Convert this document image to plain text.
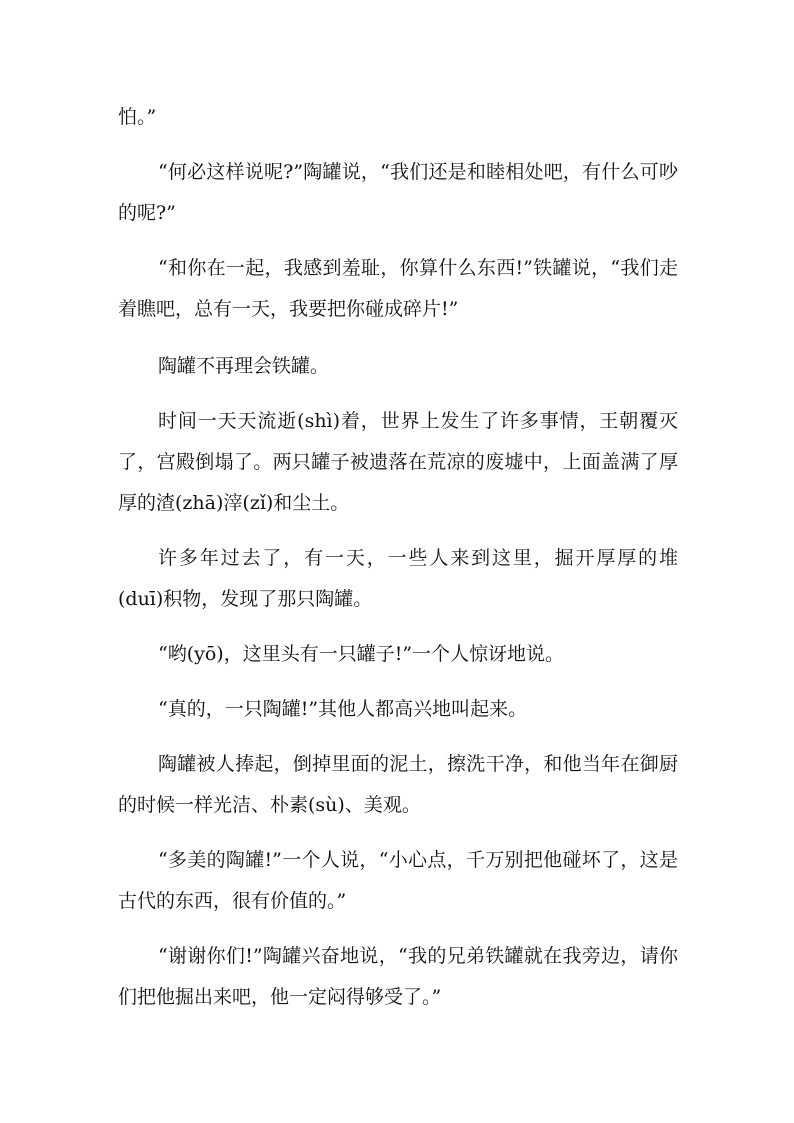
怕。”

“何必这样说呢?”陶罐说，“我们还是和睦相处吧，有什么可吵的呢?”

“和你在一起，我感到羞耻，你算什么东西!”铁罐说，“我们走着瞧吧，总有一天，我要把你碰成碎片!”

陶罐不再理会铁罐。

时间一天天流逝(shì)着，世界上发生了许多事情，王朝覆灭了，宫殿倒塌了。两只罐子被遗落在荒凉的废墟中，上面盖满了厚厚的渣(zhā)滓(zǐ)和尘土。

许多年过去了，有一天，一些人来到这里，掘开厚厚的堆(duī)积物，发现了那只陶罐。

“哟(yō)，这里头有一只罐子!”一个人惊讶地说。

“真的，一只陶罐!”其他人都高兴地叫起来。

陶罐被人捧起，倒掉里面的泥土，擦洗干净，和他当年在御厨的时候一样光洁、朴素(sù)、美观。

“多美的陶罐!”一个人说，“小心点，千万别把他碰坏了，这是古代的东西，很有价值的。”

“谢谢你们!”陶罐兴奋地说，“我的兄弟铁罐就在我旁边，请你们把他掘出来吧，他一定闷得够受了。”
